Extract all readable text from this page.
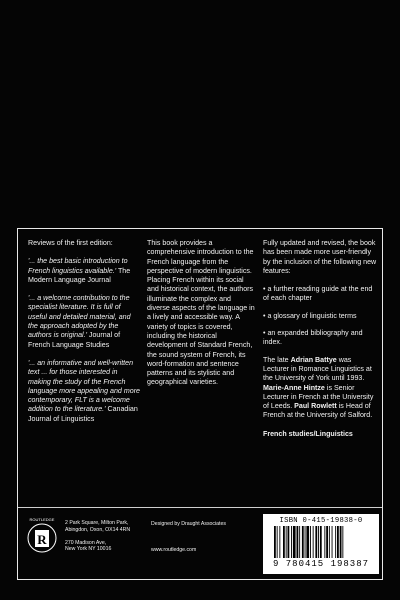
Reviews of the first edition:
'... the best basic introduction to French linguistics available.' The Modern Language Journal
'... a welcome contribution to the specialist literature. It is full of useful and detailed material, and the approach adopted by the authors is original.' Journal of French Language Studies
'... an informative and well-written text ... for those interested in making the study of the French language more appealing and more contemporary, FLT is a welcome addition to the literature.' Canadian Journal of Linguistics
This book provides a comprehensive introduction to the French language from the perspective of modern linguistics. Placing French within its social and historical context, the authors illuminate the complex and diverse aspects of the language in a lively and accessible way. A variety of topics is covered, including the historical development of Standard French, the sound system of French, its word-formation and sentence patterns and its stylistic and geographical varieties.
Fully updated and revised, the book has been made more user-friendly by the inclusion of the following new features:
• a further reading guide at the end of each chapter
• a glossary of linguistic terms
• an expanded bibliography and index.
The late Adrian Battye was Lecturer in Romance Linguistics at the University of York until 1993. Marie-Anne Hintze is Senior Lecturer in French at the University of Leeds. Paul Rowlett is Head of French at the University of Salford.
French studies/Linguistics
R
ROUTLEDGE
2 Park Square, Milton Park,
Abingdon, Oxon, OX14 4RN
270 Madison Ave,
New York NY 10016
Designed by Draught Associates
www.routledge.com
ISBN 0-415-19838-0
9 780415 198387
